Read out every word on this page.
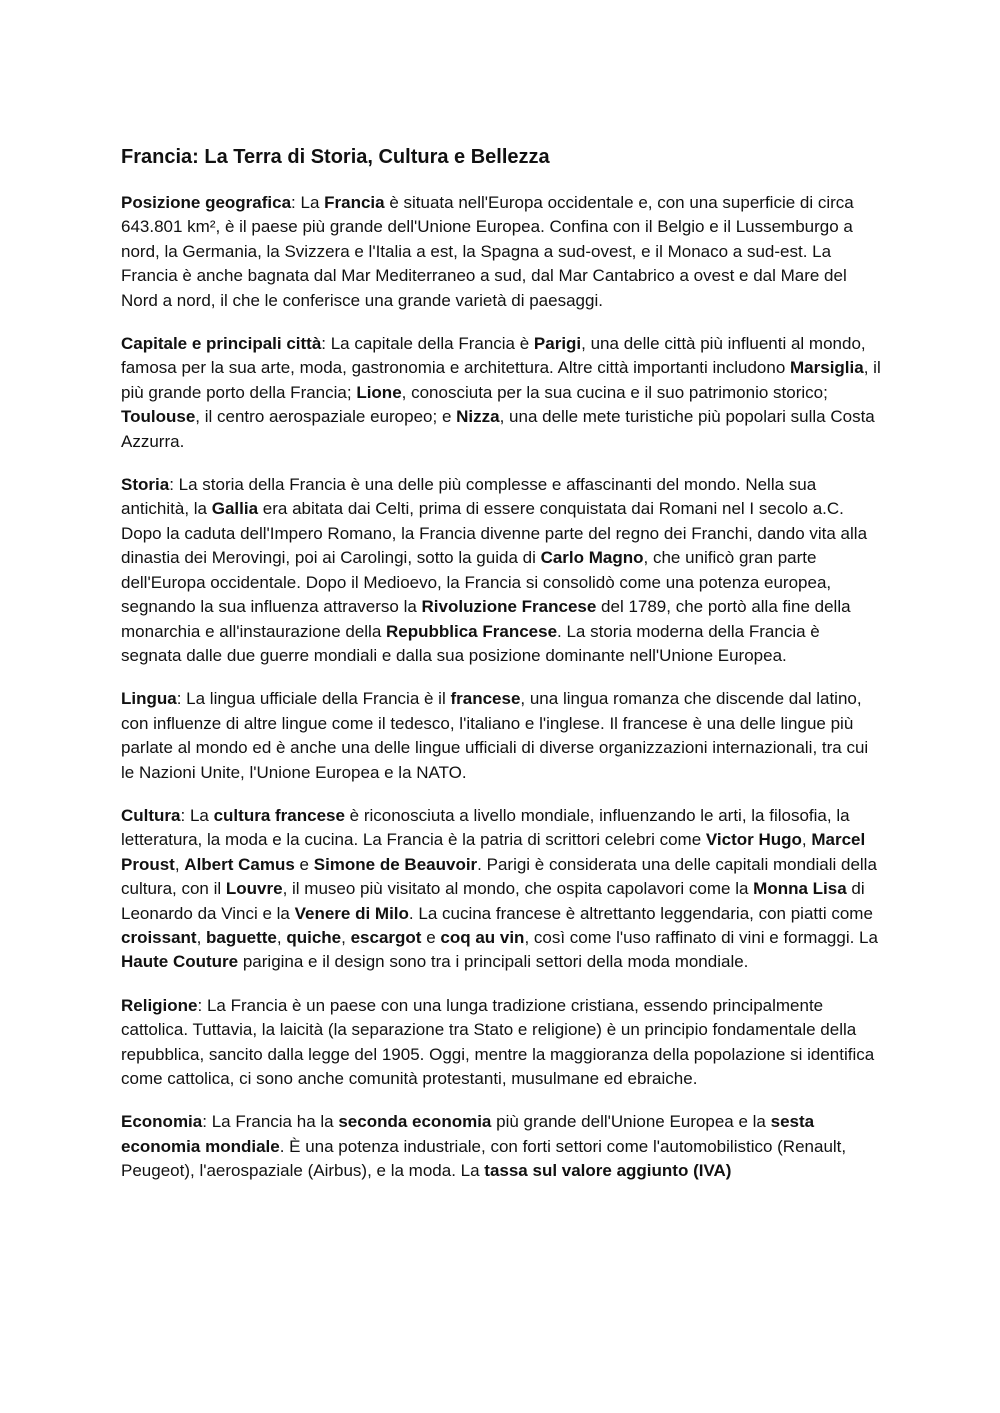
Francia: La Terra di Storia, Cultura e Bellezza

Posizione geografica: La Francia è situata nell'Europa occidentale e, con una superficie di circa 643.801 km², è il paese più grande dell'Unione Europea. Confina con il Belgio e il Lussemburgo a nord, la Germania, la Svizzera e l'Italia a est, la Spagna a sud-ovest, e il Monaco a sud-est. La Francia è anche bagnata dal Mar Mediterraneo a sud, dal Mar Cantabrico a ovest e dal Mare del Nord a nord, il che le conferisce una grande varietà di paesaggi.

Capitale e principali città: La capitale della Francia è Parigi, una delle città più influenti al mondo, famosa per la sua arte, moda, gastronomia e architettura. Altre città importanti includono Marsiglia, il più grande porto della Francia; Lione, conosciuta per la sua cucina e il suo patrimonio storico; Toulouse, il centro aerospaziale europeo; e Nizza, una delle mete turistiche più popolari sulla Costa Azzurra.

Storia: La storia della Francia è una delle più complesse e affascinanti del mondo. Nella sua antichità, la Gallia era abitata dai Celti, prima di essere conquistata dai Romani nel I secolo a.C. Dopo la caduta dell'Impero Romano, la Francia divenne parte del regno dei Franchi, dando vita alla dinastia dei Merovingi, poi ai Carolingi, sotto la guida di Carlo Magno, che unificò gran parte dell'Europa occidentale. Dopo il Medioevo, la Francia si consolidò come una potenza europea, segnando la sua influenza attraverso la Rivoluzione Francese del 1789, che portò alla fine della monarchia e all'instaurazione della Repubblica Francese. La storia moderna della Francia è segnata dalle due guerre mondiali e dalla sua posizione dominante nell'Unione Europea.

Lingua: La lingua ufficiale della Francia è il francese, una lingua romanza che discende dal latino, con influenze di altre lingue come il tedesco, l'italiano e l'inglese. Il francese è una delle lingue più parlate al mondo ed è anche una delle lingue ufficiali di diverse organizzazioni internazionali, tra cui le Nazioni Unite, l'Unione Europea e la NATO.

Cultura: La cultura francese è riconosciuta a livello mondiale, influenzando le arti, la filosofia, la letteratura, la moda e la cucina. La Francia è la patria di scrittori celebri come Victor Hugo, Marcel Proust, Albert Camus e Simone de Beauvoir. Parigi è considerata una delle capitali mondiali della cultura, con il Louvre, il museo più visitato al mondo, che ospita capolavori come la Monna Lisa di Leonardo da Vinci e la Venere di Milo. La cucina francese è altrettanto leggendaria, con piatti come croissant, baguette, quiche, escargot e coq au vin, così come l'uso raffinato di vini e formaggi. La Haute Couture parigina e il design sono tra i principali settori della moda mondiale.

Religione: La Francia è un paese con una lunga tradizione cristiana, essendo principalmente cattolica. Tuttavia, la laicità (la separazione tra Stato e religione) è un principio fondamentale della repubblica, sancito dalla legge del 1905. Oggi, mentre la maggioranza della popolazione si identifica come cattolica, ci sono anche comunità protestanti, musulmane ed ebraiche.

Economia: La Francia ha la seconda economia più grande dell'Unione Europea e la sesta economia mondiale. È una potenza industriale, con forti settori come l'automobilistico (Renault, Peugeot), l'aerospaziale (Airbus), e la moda. La tassa sul valore aggiunto (IVA)
